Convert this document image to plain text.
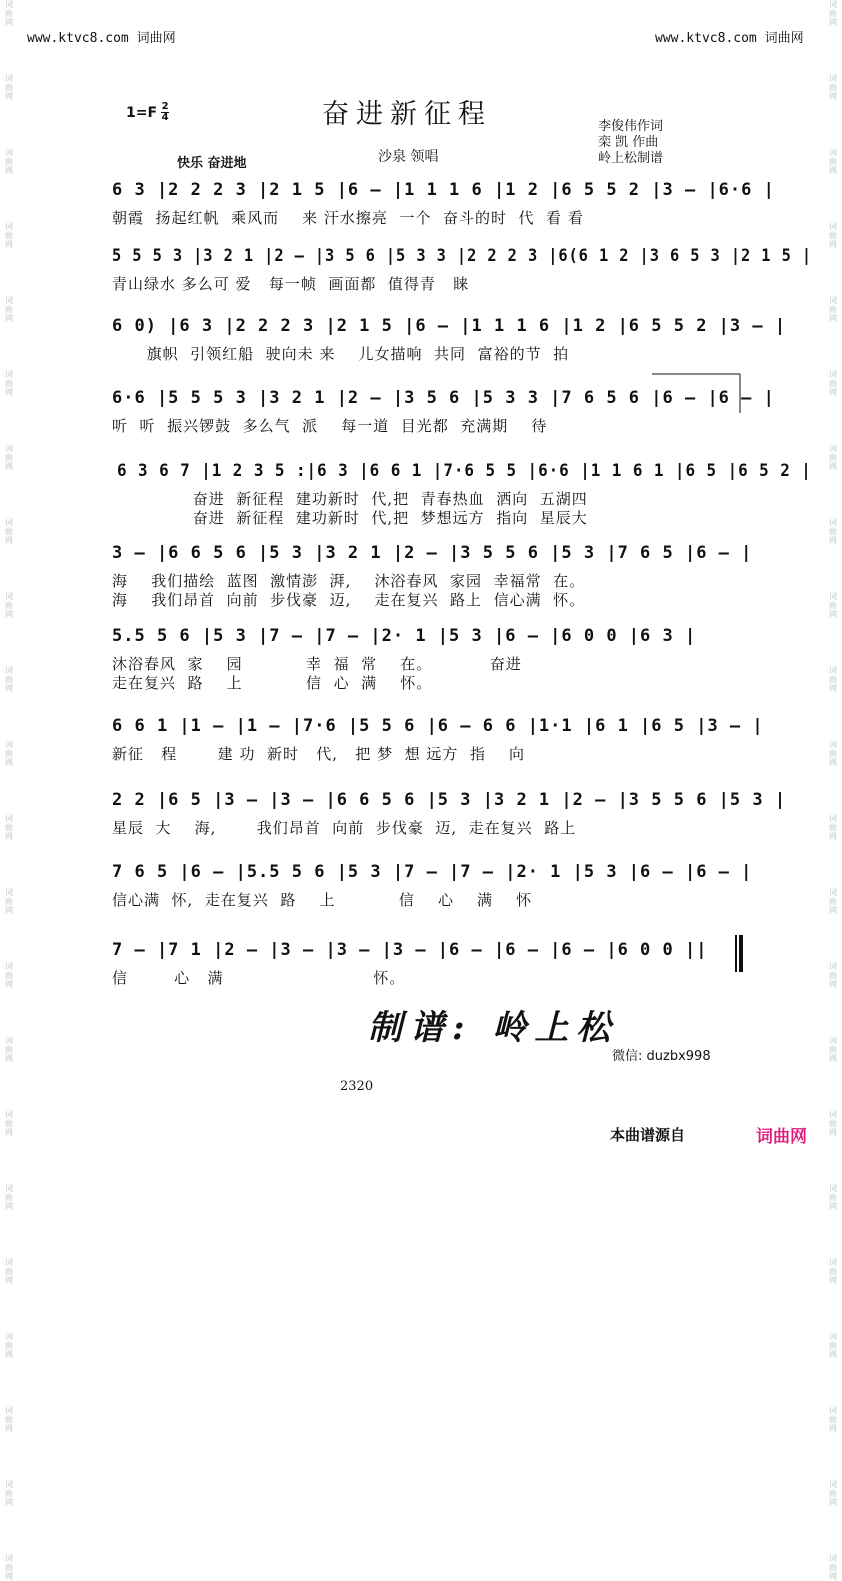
词
曲
网
词
曲
网
词
曲
网
词
曲
网
词
曲
网
词
曲
网
词
曲
网
词
曲
网
词
曲
网
词
曲
网
词
曲
网
词
曲
网
词
曲
网
词
曲
网
词
曲
网
词
曲
网
词
曲
网
词
曲
网
词
曲
网
词
曲
网
词
曲
网
词
曲
网
词
曲
网
词
曲
网
词
曲
网
词
曲
网
词
曲
网
词
曲
网
词
曲
网
词
曲
网
词
曲
网
词
曲
网
词
曲
网
词
曲
网
词
曲
网
词
曲
网
词
曲
网
词
曲
网
词
曲
网
词
曲
网
词
曲
网
词
曲
网
词
曲
网
词
曲
网
www.ktvc8.com 词曲网	www.ktvc8.com 词曲网
$1=F \frac{2}{4}$	奋进新征程	李俊伟作词
栾 凯 作曲
岭上松制谱
快乐 奋进地	沙泉 领唱
6 3 |2 2 2 3 |2 1 5 |6 – |1 1 1 6 |1 2 |6 5 5 2 |3 – |6·6 |
朝霞  扬起红帆  乘风而    来 汗水擦亮  一个  奋斗的时  代  看 看
5 5 5 3 |3 2 1 |2 – |3 5 6 |5 3 3 |2 2 2 3 |6(6 1 2 |3 6 5 3 |2 1 5 |
青山绿水 多么可 爱   每一帧  画面都  值得青   睐
6 0) |6 3 |2 2 2 3 |2 1 5 |6 – |1 1 1 6 |1 2 |6 5 5 2 |3 – |
旗帜  引领红船  驶向未 来    儿女描响  共同  富裕的节  拍
6·6 |5 5 5 3 |3 2 1 |2 – |3 5 6 |5 3 3 |7 6 5 6 |6 – |6 – |
听  听  振兴锣鼓  多么气  派    每一道  目光都  充满期    待
6 3 6 7 |1 2 3 5 :|6 3 |6 6 1 |7·6 5 5 |6·6 |1 1 6 1 |6 5 |6 5 2 |
奋进  新征程  建功新时  代,把  青春热血  洒向  五湖四
奋进  新征程  建功新时  代,把  梦想远方  指向  星辰大
3 – |6 6 5 6 |5 3 |3 2 1 |2 – |3 5 5 6 |5 3 |7 6 5 |6 – |
海    我们描绘  蓝图  激情澎  湃,    沐浴春风  家园  幸福常  在。
海    我们昂首  向前  步伐豪  迈,    走在复兴  路上  信心满  怀。
5.5 5 6 |5 3 |7 – |7 – |2· 1 |5 3 |6 – |6 0 0 |6 3 |
沐浴春风  家    园           幸  福  常    在。          奋进
走在复兴  路    上           信  心  满    怀。
6 6 1 |1 – |1 – |7·6 |5 5 6 |6 – 6 6 |1·1 |6 1 |6 5 |3 – |
新征   程       建 功  新时   代,   把 梦  想 远方  指    向
2 2 |6 5 |3 – |3 – |6 6 5 6 |5 3 |3 2 1 |2 – |3 5 5 6 |5 3 |
星辰  大    海,       我们昂首  向前  步伐豪  迈,  走在复兴  路上
7 6 5 |6 – |5.5 5 6 |5 3 |7 – |7 – |2· 1 |5 3 |6 – |6 – |
信心满  怀,  走在复兴  路    上           信    心    满    怀
7 – |7 1 |2 – |3 – |3 – |3 – |6 – |6 – |6 – |6 0 0 ||
信        心   满                          怀。
制谱: 岭上松
微信: duzbx998
2320
本曲谱源自	词曲网
